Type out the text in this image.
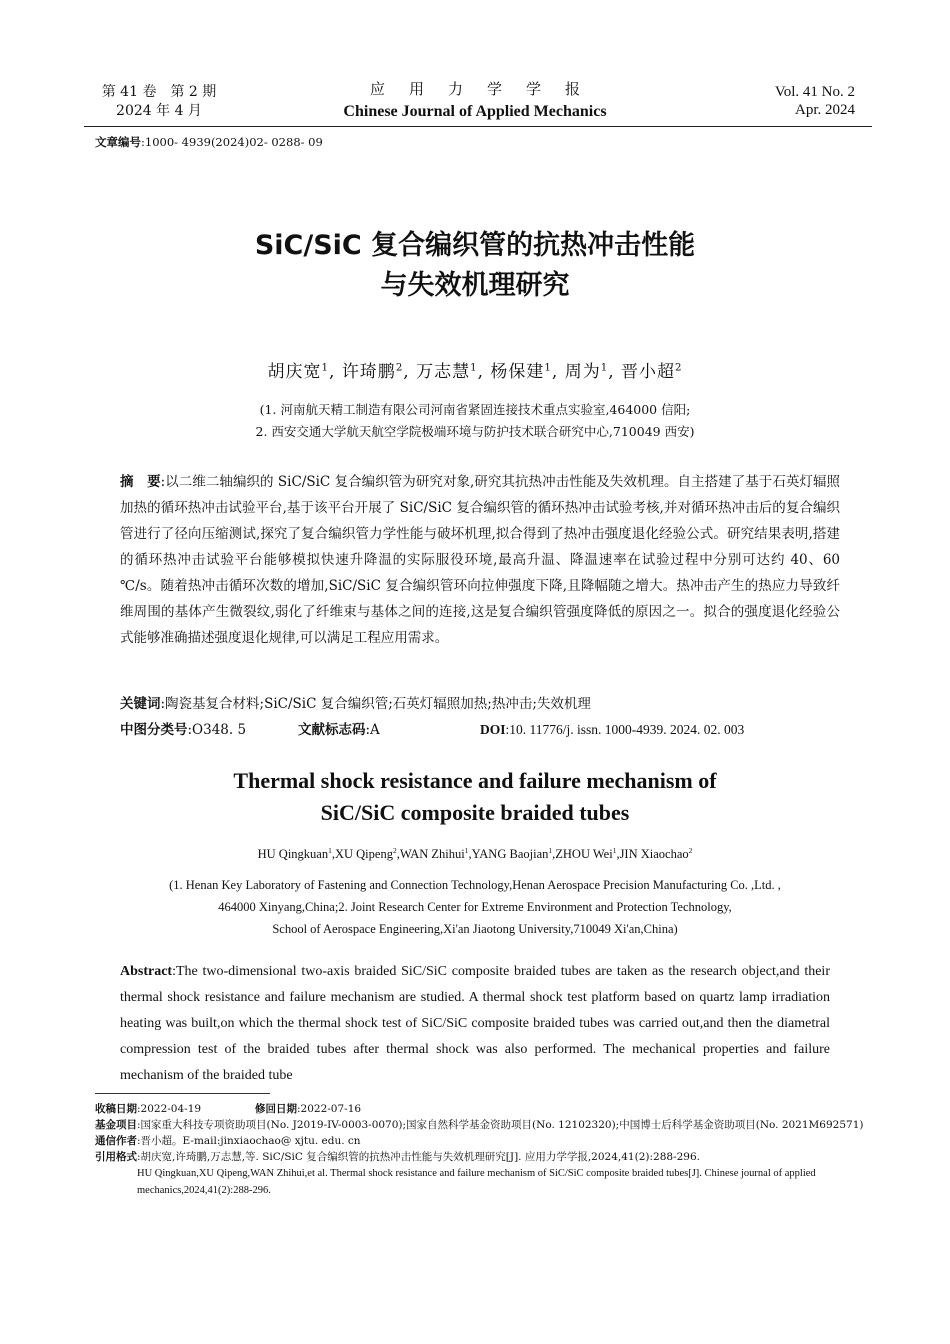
第 41 卷　第 2 期
2024 年 4 月
应用力学学报
Chinese Journal of Applied Mechanics
Vol. 41 No. 2
Apr. 2024
文章编号:1000- 4939(2024)02- 0288- 09
SiC/SiC 复合编织管的抗热冲击性能
与失效机理研究
胡庆宽$^1$, 许琦鹏$^2$, 万志慧$^1$, 杨保建$^1$, 周为$^1$, 晋小超$^2$
(1. 河南航天精工制造有限公司河南省紧固连接技术重点实验室,464000 信阳;
2. 西安交通大学航天航空学院极端环境与防护技术联合研究中心,710049 西安)
摘　要:以二维二轴编织的 SiC/SiC 复合编织管为研究对象,研究其抗热冲击性能及失效机理。自主搭建了基于石英灯辐照加热的循环热冲击试验平台,基于该平台开展了 SiC/SiC 复合编织管的循环热冲击试验考核,并对循环热冲击后的复合编织管进行了径向压缩测试,探究了复合编织管力学性能与破坏机理,拟合得到了热冲击强度退化经验公式。研究结果表明,搭建的循环热冲击试验平台能够模拟快速升降温的实际服役环境,最高升温、降温速率在试验过程中分别可达约 40、60 ℃/s。随着热冲击循环次数的增加,SiC/SiC 复合编织管环向拉伸强度下降,且降幅随之增大。热冲击产生的热应力导致纤维周围的基体产生微裂纹,弱化了纤维束与基体之间的连接,这是复合编织管强度降低的原因之一。拟合的强度退化经验公式能够准确描述强度退化规律,可以满足工程应用需求。
关键词:陶瓷基复合材料;SiC/SiC 复合编织管;石英灯辐照加热;热冲击;失效机理
中图分类号:O348. 5	文献标志码:A	DOI:10. 11776/j. issn. 1000-4939. 2024. 02. 003
Thermal shock resistance and failure mechanism of
SiC/SiC composite braided tubes
HU Qingkuan$^1$,XU Qipeng$^2$,WAN Zhihui$^1$,YANG Baojian$^1$,ZHOU Wei$^1$,JIN Xiaochao$^2$
(1. Henan Key Laboratory of Fastening and Connection Technology,Henan Aerospace Precision Manufacturing Co. ,Ltd. ,
464000 Xinyang,China;2. Joint Research Center for Extreme Environment and Protection Technology,
School of Aerospace Engineering,Xi'an Jiaotong University,710049 Xi'an,China)
Abstract:The two-dimensional two-axis braided SiC/SiC composite braided tubes are taken as the research object,and their thermal shock resistance and failure mechanism are studied. A thermal shock test platform based on quartz lamp irradiation heating was built,on which the thermal shock test of SiC/SiC composite braided tubes was carried out,and then the diametral compression test of the braided tubes after thermal shock was also performed. The mechanical properties and failure mechanism of the braided tube
收稿日期:2022-04-19	修回日期:2022-07-16
基金项目 :国家重大科技专项资助项目(No. J2019-IV-0003-0070);国家自然科学基金资助项目(No. 12102320);中国博士后科学基金资助项目(No. 2021M692571)
通信作者 :晋小超。E-mail:jinxiaochao@ xjtu. edu. cn
引用格式 :胡庆宽,许琦鹏,万志慧,等. SiC/SiC 复合编织管的抗热冲击性能与失效机理研究[J]. 应用力学学报,2024,41(2):288-296.
HU Qingkuan,XU Qipeng,WAN Zhihui,et al. Thermal shock resistance and failure mechanism of SiC/SiC composite braided tubes[J]. Chinese journal of applied mechanics,2024,41(2):288-296.
